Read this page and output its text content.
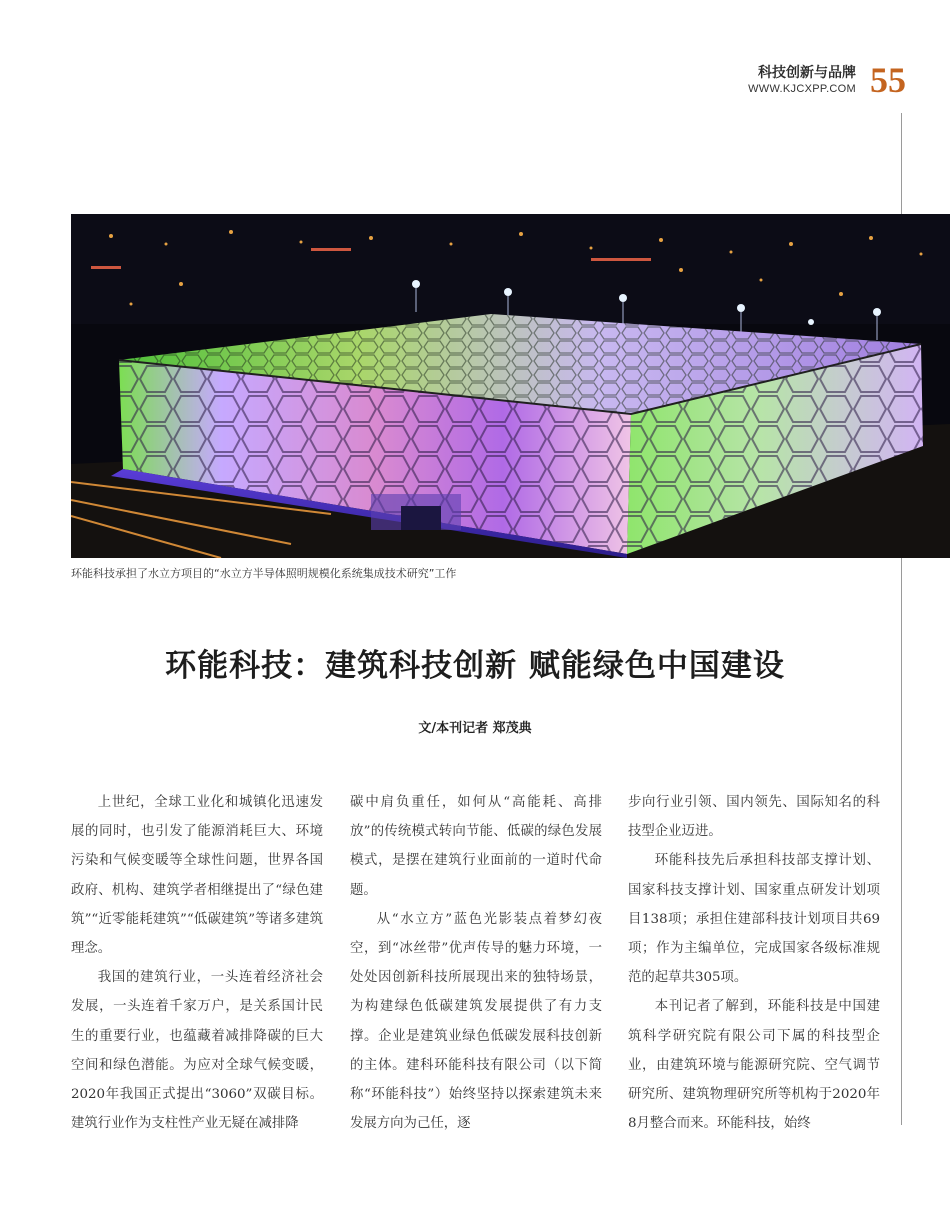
科技创新与品牌
WWW.KJCXPP.COM 55
环能科技承担了水立方项目的“水立方半导体照明规模化系统集成技术研究”工作
环能科技：建筑科技创新 赋能绿色中国建设
文/本刊记者 郑茂典

上世纪，全球工业化和城镇化迅速发展的同时，也引发了能源消耗巨大、环境污染和气候变暖等全球性问题，世界各国政府、机构、建筑学者相继提出了“绿色建筑”“近零能耗建筑”“低碳建筑”等诸多建筑理念。

我国的建筑行业，一头连着经济社会发展，一头连着千家万户，是关系国计民生的重要行业，也蕴藏着减排降碳的巨大空间和绿色潜能。为应对全球气候变暖，2020年我国正式提出“3060”双碳目标。建筑行业作为支柱性产业无疑在减排降

碳中肩负重任，如何从“高能耗、高排放”的传统模式转向节能、低碳的绿色发展模式，是摆在建筑行业面前的一道时代命题。

从“水立方”蓝色光影装点着梦幻夜空，到“冰丝带”优声传导的魅力环境，一处处因创新科技所展现出来的独特场景，为构建绿色低碳建筑发展提供了有力支撑。企业是建筑业绿色低碳发展科技创新的主体。建科环能科技有限公司（以下简称“环能科技”）始终坚持以探索建筑未来发展方向为己任，逐

步向行业引领、国内领先、国际知名的科技型企业迈进。

环能科技先后承担科技部支撑计划、国家科技支撑计划、国家重点研发计划项目138项；承担住建部科技计划项目共69项；作为主编单位，完成国家各级标准规范的起草共305项。

本刊记者了解到，环能科技是中国建筑科学研究院有限公司下属的科技型企业，由建筑环境与能源研究院、空气调节研究所、建筑物理研究所等机构于2020年8月整合而来。环能科技，始终
